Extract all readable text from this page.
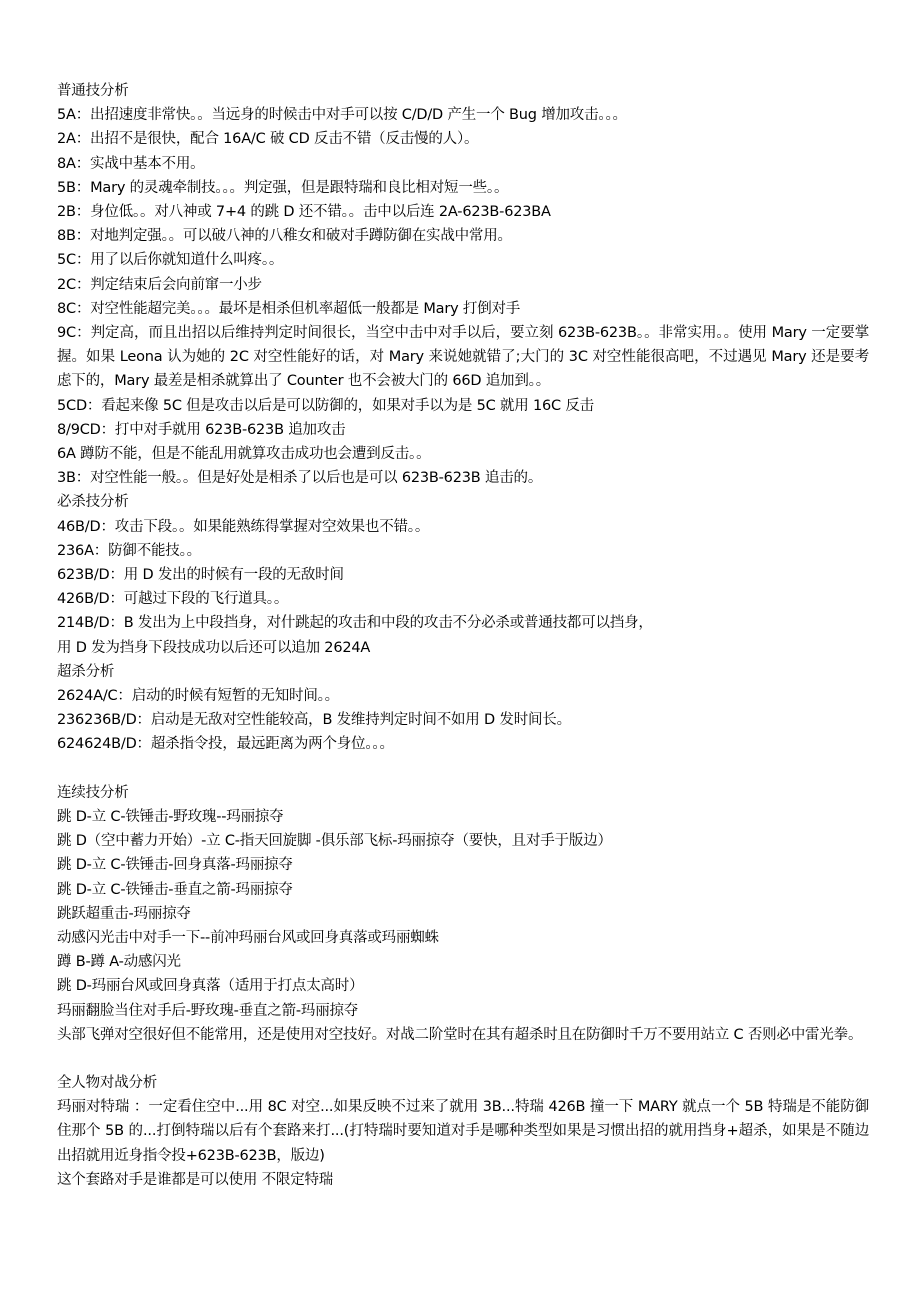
普通技分析

5A：出招速度非常快。。当远身的时候击中对手可以按 C/D/D 产生一个 Bug 增加攻击。。。

2A：出招不是很快，配合 16A/C 破 CD 反击不错（反击慢的人）。

8A：实战中基本不用。

5B：Mary 的灵魂牵制技。。。判定强，但是跟特瑞和良比相对短一些。。

2B：身位低。。对八神或 7+4 的跳 D 还不错。。击中以后连 2A-623B-623BA

8B：对地判定强。。可以破八神的八稚女和破对手蹲防御在实战中常用。

5C：用了以后你就知道什么叫疼。。

2C：判定结束后会向前窜一小步

8C：对空性能超完美。。。最坏是相杀但机率超低一般都是 Mary 打倒对手

9C：判定高，而且出招以后维持判定时间很长，当空中击中对手以后，要立刻 623B-623B。。非常实用。。使用 Mary 一定要掌握。如果 Leona 认为她的 2C 对空性能好的话，对 Mary 来说她就错了;大门的 3C 对空性能很高吧，不过遇见 Mary 还是要考虑下的，Mary 最差是相杀就算出了 Counter 也不会被大门的 66D 追加到。。

5CD：看起来像 5C 但是攻击以后是可以防御的，如果对手以为是 5C 就用 16C 反击

8/9CD：打中对手就用 623B-623B 追加攻击

6A 蹲防不能，但是不能乱用就算攻击成功也会遭到反击。。

3B：对空性能一般。。但是好处是相杀了以后也是可以 623B-623B 追击的。

必杀技分析

46B/D：攻击下段。。如果能熟练得掌握对空效果也不错。。

236A：防御不能技。。

623B/D：用 D 发出的时候有一段的无敌时间

426B/D：可越过下段的飞行道具。。

214B/D：B 发出为上中段挡身，对什跳起的攻击和中段的攻击不分必杀或普通技都可以挡身，

用 D 发为挡身下段技成功以后还可以追加 2624A

超杀分析

2624A/C：启动的时候有短暂的无知时间。。

236236B/D：启动是无敌对空性能较高，B 发维持判定时间不如用 D 发时间长。

624624B/D：超杀指令投，最远距离为两个身位。。。

连续技分析

跳 D-立 C-铁锤击-野玫瑰--玛丽掠夺

跳 D（空中蓄力开始）-立 C-指天回旋脚 -俱乐部飞标-玛丽掠夺（要快，且对手于版边）

跳 D-立 C-铁锤击-回身真落-玛丽掠夺

跳 D-立 C-铁锤击-垂直之箭-玛丽掠夺

跳跃超重击-玛丽掠夺

动感闪光击中对手一下--前冲玛丽台风或回身真落或玛丽蜘蛛

蹲 B-蹲 A-动感闪光

跳 D-玛丽台风或回身真落（适用于打点太高时）

玛丽翻脸当住对手后-野玫瑰-垂直之箭-玛丽掠夺

头部飞弹对空很好但不能常用，还是使用对空技好。对战二阶堂时在其有超杀时且在防御时千万不要用站立 C 否则必中雷光拳。

全人物对战分析

玛丽对特瑞 ：一定看住空中...用 8C 对空...如果反映不过来了就用 3B...特瑞 426B 撞一下 MARY 就点一个 5B 特瑞是不能防御住那个 5B 的...打倒特瑞以后有个套路来打...(打特瑞时要知道对手是哪种类型如果是习惯出招的就用挡身+超杀，如果是不随边出招就用近身指令投+623B-623B，版边)

这个套路对手是谁都是可以使用 不限定特瑞
